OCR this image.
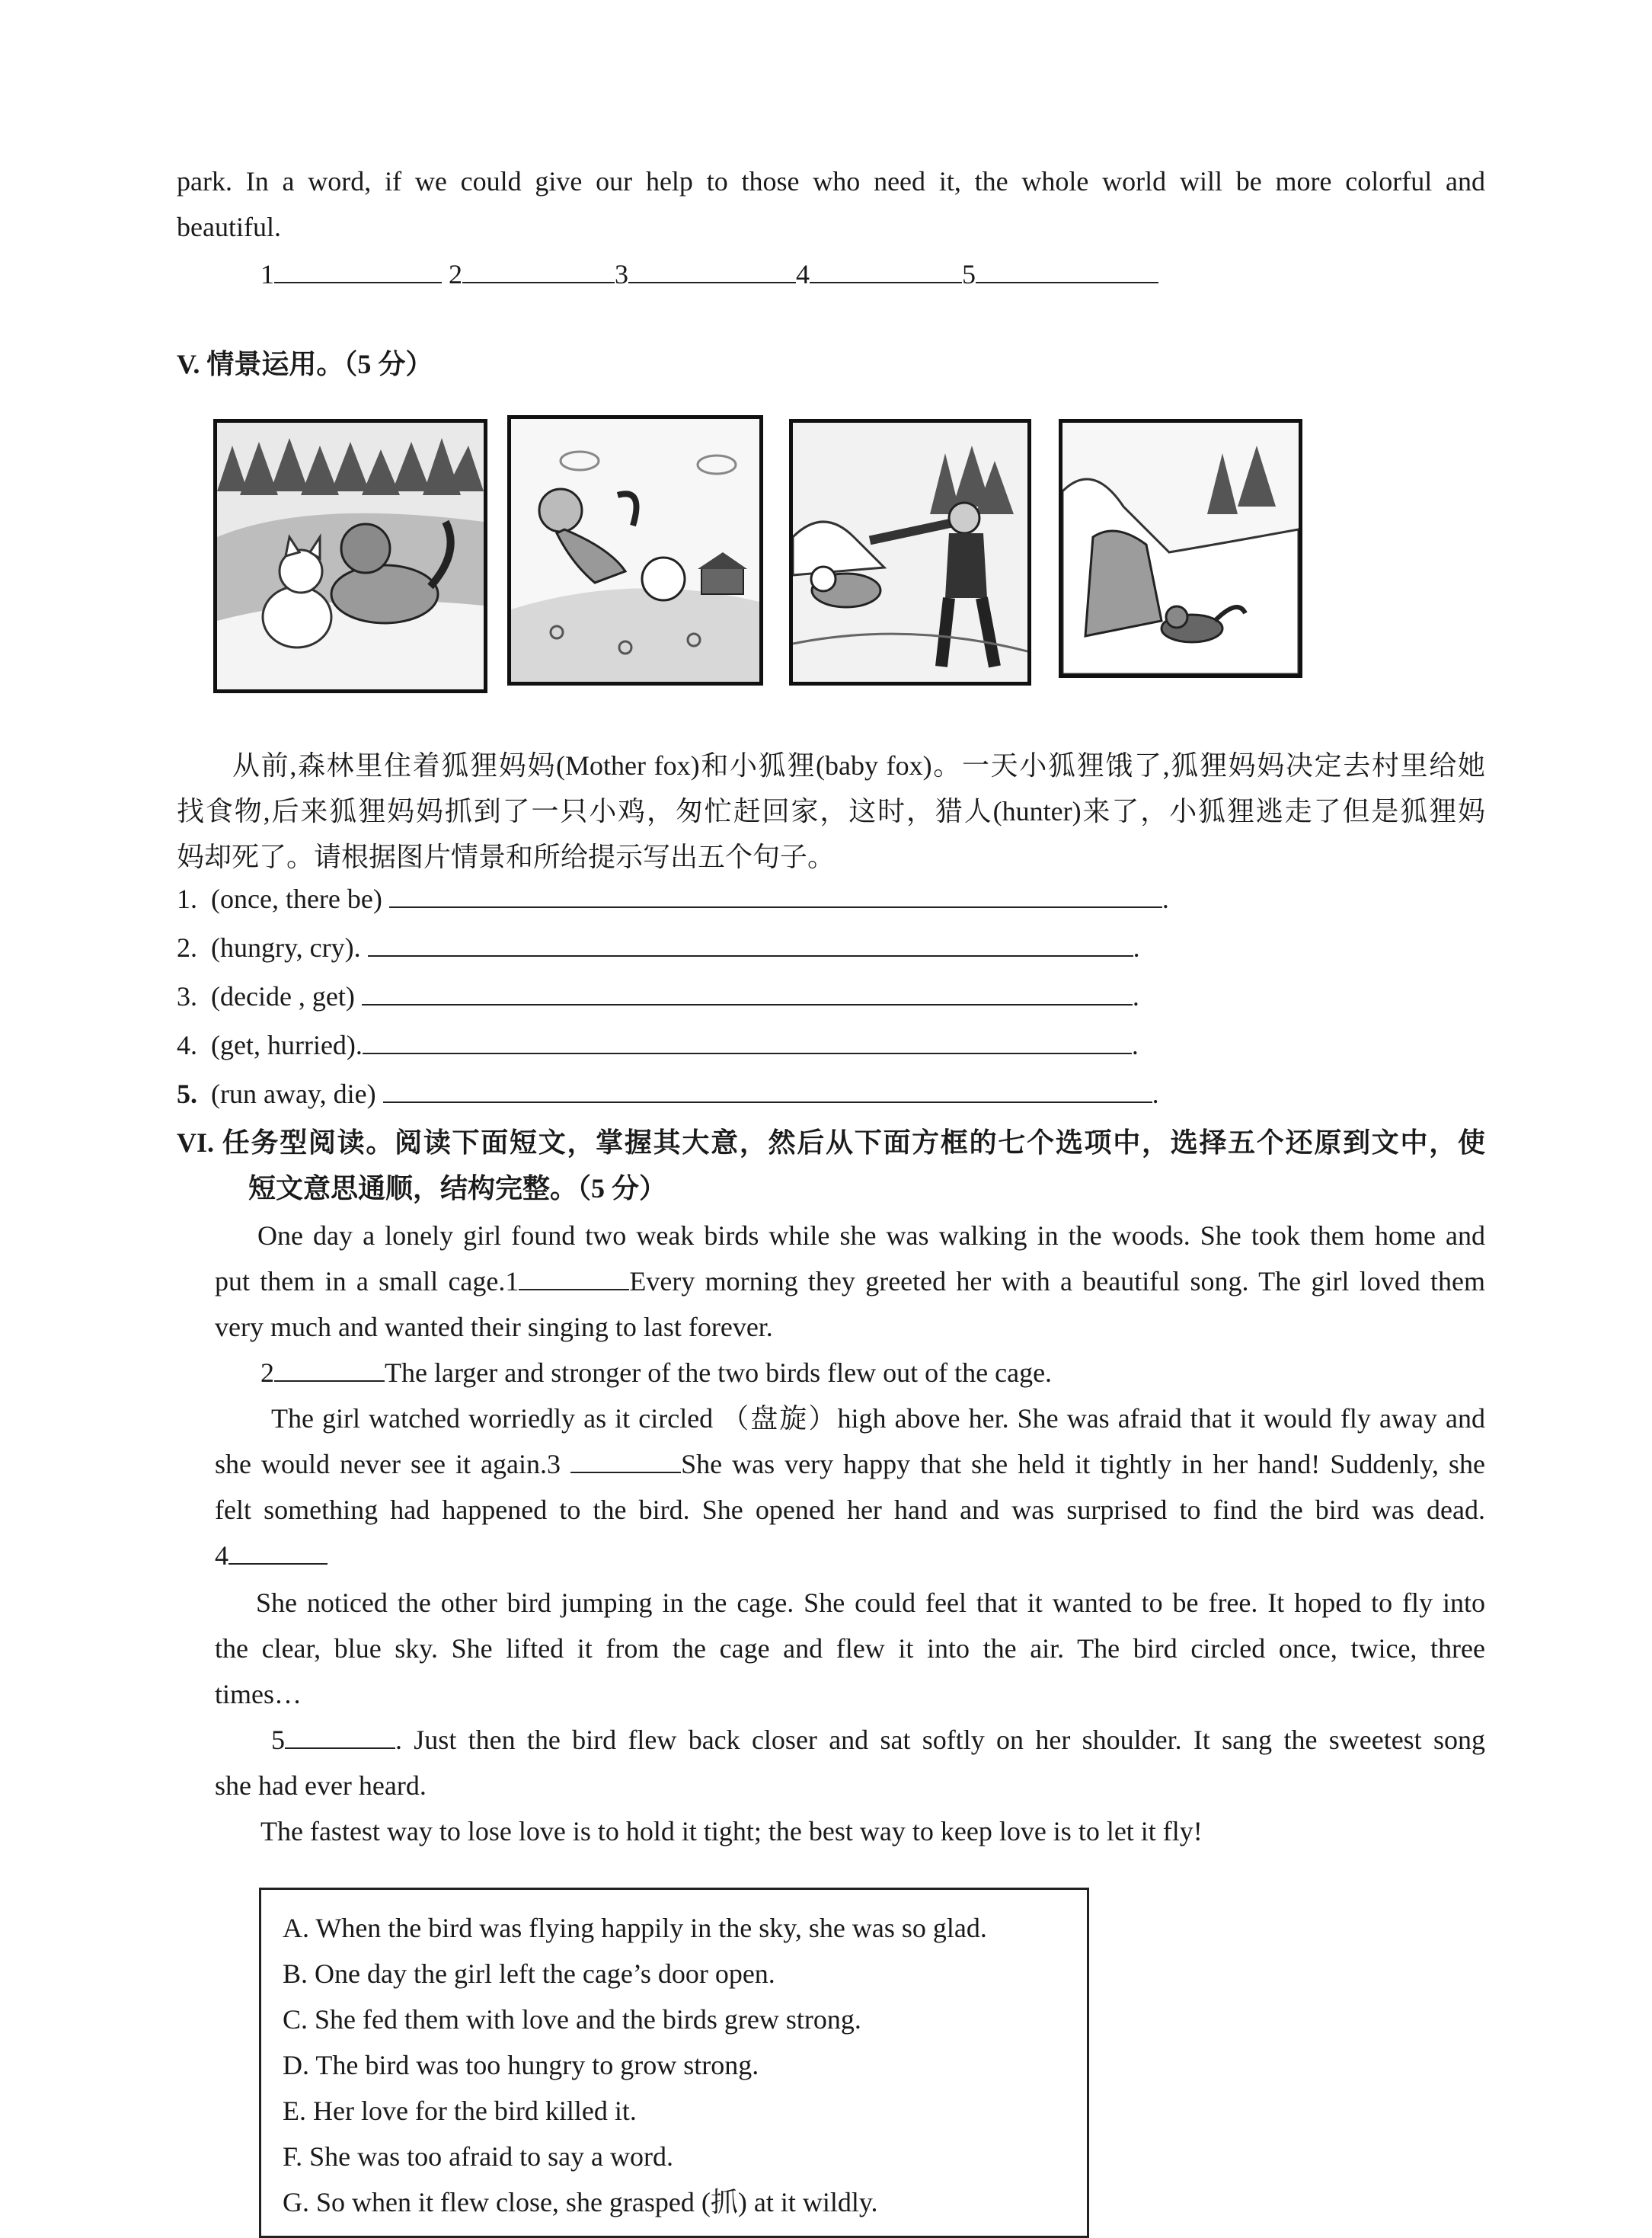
park. In a word, if we could give our help to those who need it, the whole world will be more colorful and
beautiful.
1	2	3	4	5
V. 情景运用。（5 分）
从前,森林里住着狐狸妈妈(Mother fox)和小狐狸(baby fox)。一天小狐狸饿了,狐狸妈妈决定去村里给她
找食物,后来狐狸妈妈抓到了一只小鸡，匆忙赶回家，这时，猎人(hunter)来了，小狐狸逃走了但是狐狸妈
妈却死了。请根据图片情景和所给提示写出五个句子。
1. (once, there be)	.
2. (hungry, cry).	.
3. (decide , get)	.
4. (get, hurried).	.
5. (run away, die)	.
VI. 任务型阅读。阅读下面短文，掌握其大意，然后从下面方框的七个选项中，选择五个还原到文中，使
短文意思通顺，结构完整。（5 分）
One day a lonely girl found two weak birds while she was walking in the woods. She took them home and
put them in a small cage.1	Every morning they greeted her with a beautiful song. The girl loved them
very much and wanted their singing to last forever.
2	The larger and stronger of the two birds flew out of the cage.
The girl watched worriedly as it circled （盘旋）high above her. She was afraid that it would fly away and
she would never see it again.3	She was very happy that she held it tightly in her hand! Suddenly, she
felt something had happened to the bird. She opened her hand and was surprised to find the bird was dead.
4
She noticed the other bird jumping in the cage. She could feel that it wanted to be free. It hoped to fly into
the clear, blue sky. She lifted it from the cage and flew it into the air. The bird circled once, twice, three
times…
5	. Just then the bird flew back closer and sat softly on her shoulder. It sang the sweetest song
she had ever heard.
The fastest way to lose love is to hold it tight; the best way to keep love is to let it fly!
A. When the bird was flying happily in the sky, she was so glad.
B. One day the girl left the cage’s door open.
C. She fed them with love and the birds grew strong.
D. The bird was too hungry to grow strong.
E. Her love for the bird killed it.
F. She was too afraid to say a word.
G. So when it flew close, she grasped (抓) at it wildly.
